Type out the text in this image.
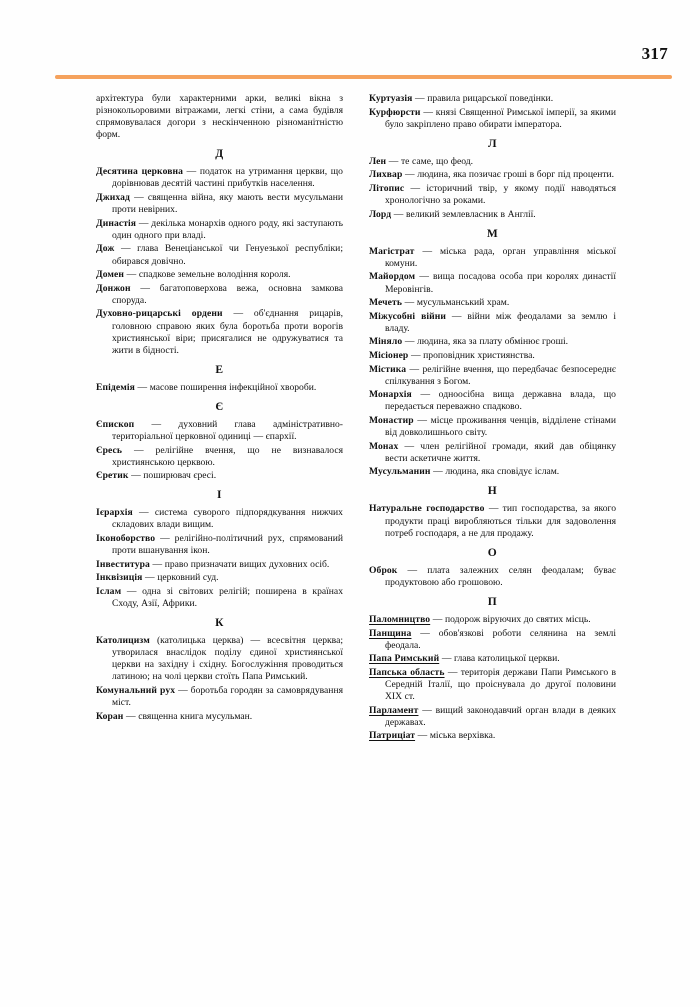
317

архітектура були характерними арки, великі вікна з різнокольоровими вітражами, легкі стіни, а сама будівля спрямовувалася догори з нескінченною різноманітністю форм.

Д

Десятина церковна — податок на утримання церкви, що дорівнював десятій частині прибутків населення.

Джихад — священна війна, яку мають вести мусульмани проти невірних.

Династія — декілька монархів одного роду, які заступають один одного при владі.

Дож — глава Венеціанської чи Генуезької республіки; обирався довічно.

Домен — спадкове земельне володіння короля.

Донжон — багатоповерхова вежа, основна замкова споруда.

Духовно-рицарські ордени — об'єднання рицарів, головною справою яких була боротьба проти ворогів християнської віри; присягалися не одружуватися та жити в бідності.

Е

Епідемія — масове поширення інфекційної хвороби.

Є

Єпископ — духовний глава адміністративно-територіальної церковної одиниці — єпархії.

Єресь — релігійне вчення, що не визнавалося християнською церквою.

Єретик — поширювач єресі.

І

Ієрархія — система суворого підпорядкування нижчих складових влади вищим.

Іконоборство — релігійно-політичний рух, спрямований проти вшанування ікон.

Інвеститура — право призначати вищих духовних осіб.

Інквізиція — церковний суд.

Іслам — одна зі світових релігій; поширена в країнах Сходу, Азії, Африки.

К

Католицизм (католицька церква) — всесвітня церква; утворилася внаслідок поділу єдиної християнської церкви на західну і східну. Богослужіння проводиться латиною; на чолі церкви стоїть Папа Римський.

Комунальний рух — боротьба городян за самоврядування міст.

Коран — священна книга мусульман.

Куртуазія — правила рицарської поведінки.

Курфюрсти — князі Священної Римської імперії, за якими було закріплено право обирати імператора.

Л

Лен — те саме, що феод.

Лихвар — людина, яка позичає гроші в борг під проценти.

Літопис — історичний твір, у якому події наводяться хронологічно за роками.

Лорд — великий землевласник в Англії.

М

Магістрат — міська рада, орган управління міської комуни.

Майордом — вища посадова особа при королях династії Меровінгів.

Мечеть — мусульманський храм.

Міжусобні війни — війни між феодалами за землю і владу.

Міняло — людина, яка за плату обмінює гроші.

Місіонер — проповідник християнства.

Містика — релігійне вчення, що передбачає безпосереднє спілкування з Богом.

Монархія — одноосібна вища державна влада, що передається переважно спадково.

Монастир — місце проживання ченців, відділене стінами від довколишнього світу.

Монах — член релігійної громади, який дав обіцянку вести аскетичне життя.

Мусульманин — людина, яка сповідує іслам.

Н

Натуральне господарство — тип господарства, за якого продукти праці виробляються тільки для задоволення потреб господаря, а не для продажу.

О

Оброк — плата залежних селян феодалам; буває продуктовою або грошовою.

П

Паломництво — подорож віруючих до святих місць.

Панщина — обов'язкові роботи селянина на землі феодала.

Папа Римський — глава католицької церкви.

Папська область — територія держави Папи Римського в Середній Італії, що проіснувала до другої половини XIX ст.

Парламент — вищий законодавчий орган влади в деяких державах.

Патриціат — міська верхівка.
